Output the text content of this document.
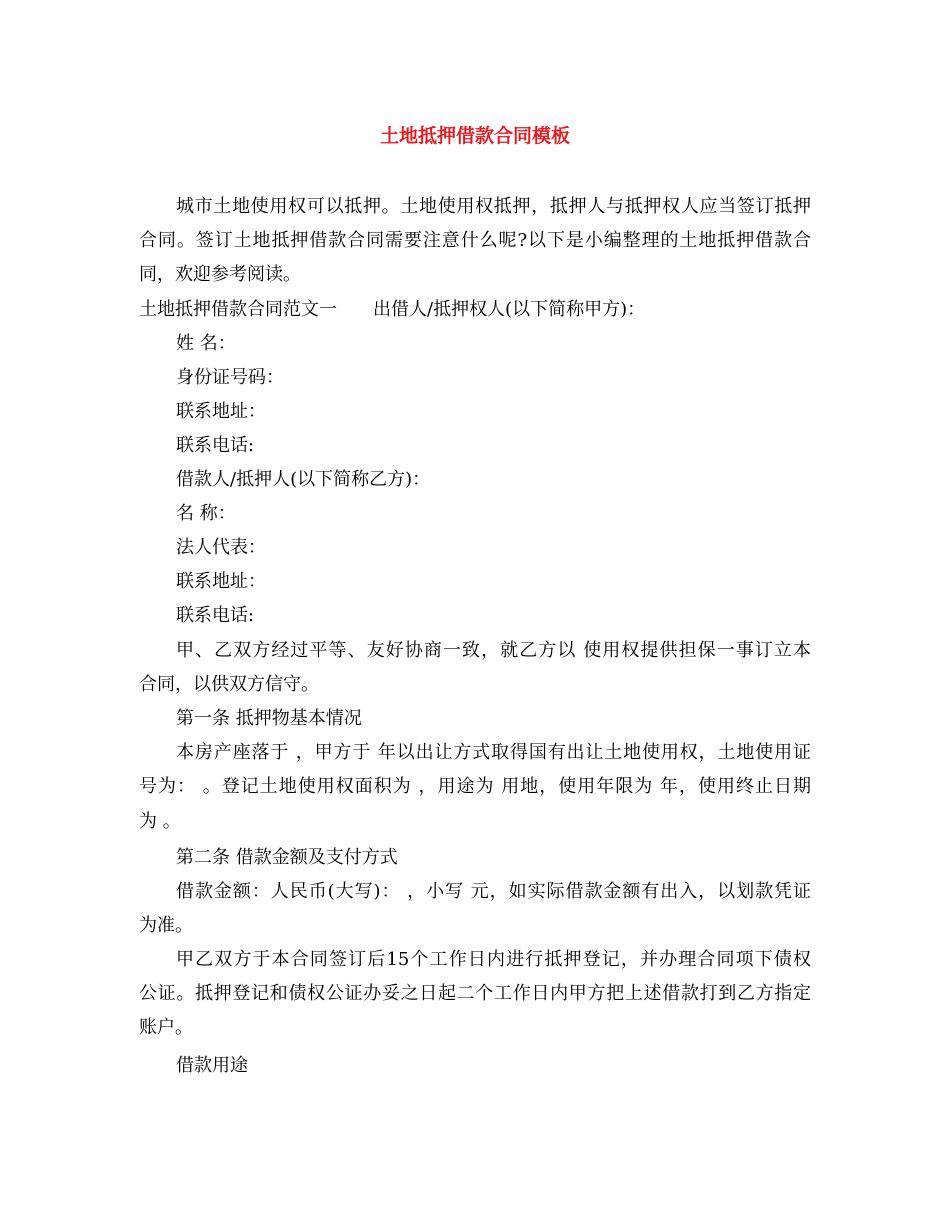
土地抵押借款合同模板
城市土地使用权可以抵押。土地使用权抵押，抵押人与抵押权人应当签订抵押
合同。签订土地抵押借款合同需要注意什么呢?以下是小编整理的土地抵押借款合
同，欢迎参考阅读。
土地抵押借款合同范文一　　出借人/抵押权人(以下简称甲方)：
姓 名：
身份证号码：
联系地址：
联系电话:
借款人/抵押人(以下简称乙方)：
名 称：
法人代表：
联系地址：
联系电话:
甲、乙双方经过平等、友好协商一致，就乙方以 使用权提供担保一事订立本
合同，以供双方信守。
第一条 抵押物基本情况
本房产座落于 ，甲方于 年以出让方式取得国有出让土地使用权，土地使用证
号为： 。登记土地使用权面积为 ，用途为 用地，使用年限为 年，使用终止日期
为 。
第二条 借款金额及支付方式
借款金额：人民币(大写)： ，小写 元，如实际借款金额有出入，以划款凭证
为准。
甲乙双方于本合同签订后15个工作日内进行抵押登记，并办理合同项下债权
公证。抵押登记和债权公证办妥之日起二个工作日内甲方把上述借款打到乙方指定
账户。
借款用途
